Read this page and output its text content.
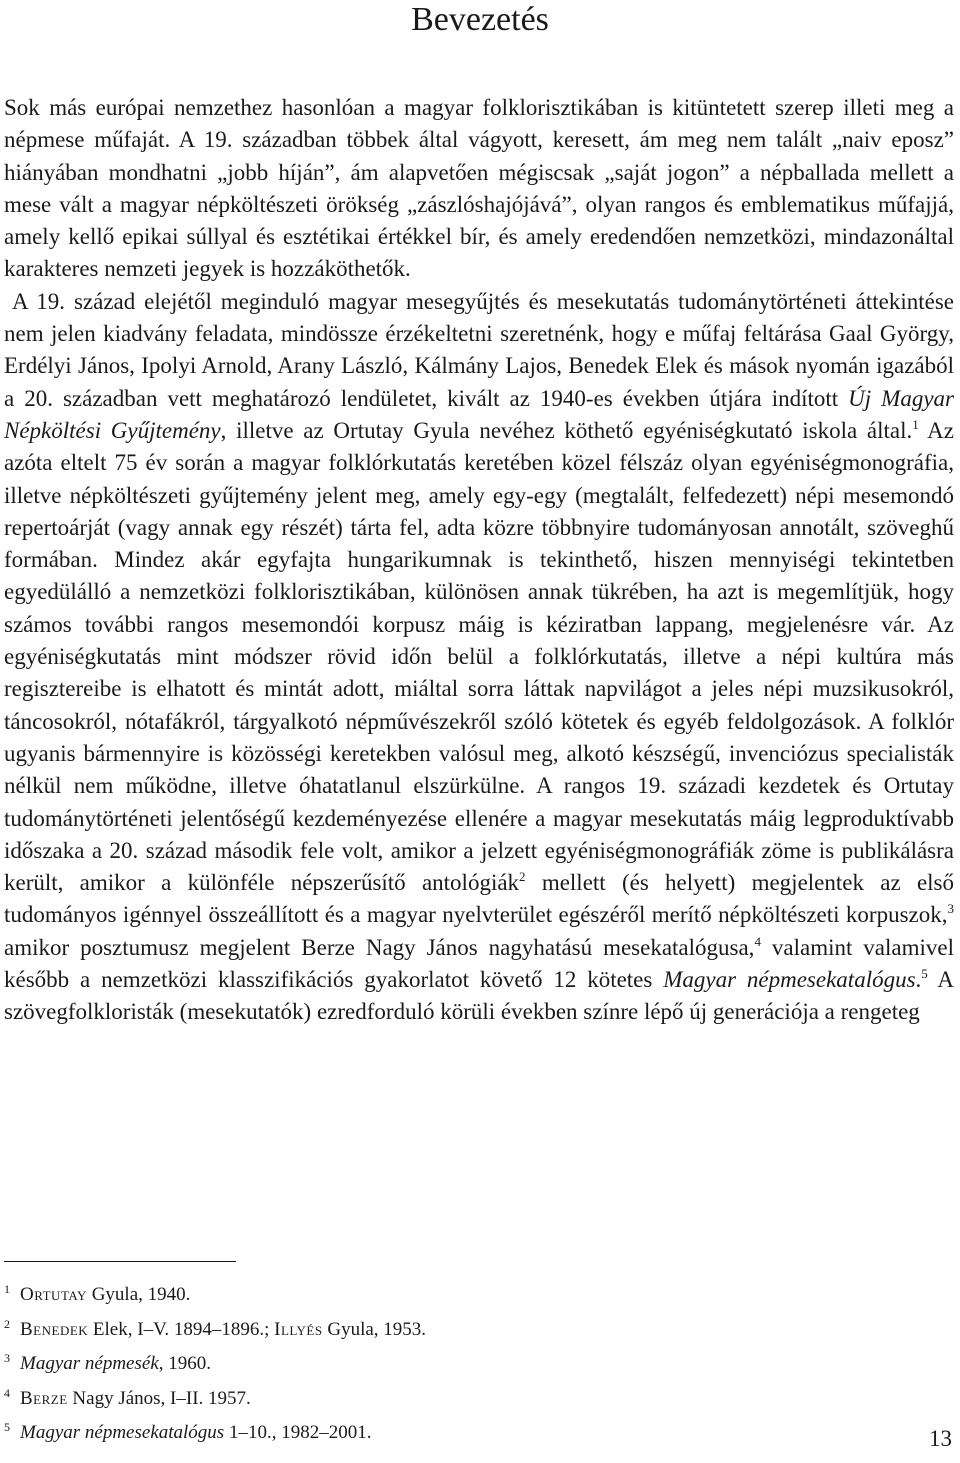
Bevezetés

Sok más európai nemzethez hasonlóan a magyar folklorisztikában is kitüntetett szerep illeti meg a népmese műfaját. A 19. században többek által vágyott, keresett, ám meg nem talált „naiv eposz” hiányában mondhatni „jobb híján”, ám alapvetően mégiscsak „saját jogon” a népballada mellett a mese vált a magyar népköltészeti örökség „zászlóshajójává”, olyan rangos és emblematikus műfajjá, amely kellő epikai súllyal és esztétikai értékkel bír, és amely eredendően nemzetközi, mindazonáltal karakteres nemzeti jegyek is hozzáköthetők.

A 19. század elejétől meginduló magyar mesegyűjtés és mesekutatás tudománytörténeti áttekintése nem jelen kiadvány feladata, mindössze érzékeltetni szeretnénk, hogy e műfaj feltárása Gaal György, Erdélyi János, Ipolyi Arnold, Arany László, Kálmány Lajos, Benedek Elek és mások nyomán igazából a 20. században vett meghatározó lendületet, kivált az 1940-es években útjára indított Új Magyar Népköltési Gyűjtemény, illetve az Ortutay Gyula nevéhez köthető egyéniségkutató iskola által.$^1$ Az azóta eltelt 75 év során a magyar folklórkutatás keretében közel félszáz olyan egyéniségmonográfia, illetve népköltészeti gyűjtemény jelent meg, amely egy-egy (megtalált, felfedezett) népi mesemondó repertoárját (vagy annak egy részét) tárta fel, adta közre többnyire tudományosan annotált, szöveghű formában. Mindez akár egyfajta hungarikumnak is tekinthető, hiszen mennyiségi tekintetben egyedülálló a nemzetközi folklorisztikában, különösen annak tükrében, ha azt is megemlítjük, hogy számos további rangos mesemondói korpusz máig is kéziratban lappang, megjelenésre vár. Az egyéniségkutatás mint módszer rövid időn belül a folklórkutatás, illetve a népi kultúra más regisztereibe is elhatott és mintát adott, miáltal sorra láttak napvilágot a jeles népi muzsikusokról, táncosokról, nótafákról, tárgyalkotó népművészekről szóló kötetek és egyéb feldolgozások. A folklór ugyanis bármennyire is közösségi keretekben valósul meg, alkotó készségű, invenciózus specialisták nélkül nem működne, illetve óhatatlanul elszürkülne. A rangos 19. századi kezdetek és Ortutay tudománytörténeti jelentőségű kezdeményezése ellenére a magyar mesekutatás máig legproduktívabb időszaka a 20. század második fele volt, amikor a jelzett egyéniségmonográfiák zöme is publikálásra került, amikor a különféle népszerűsítő antológiák$^2$ mellett (és helyett) megjelentek az első tudományos igénnyel összeállított és a magyar nyelvterület egészéről merítő népköltészeti korpuszok,$^3$ amikor posztumusz megjelent Berze Nagy János nagyhatású mesekatalógusa,$^4$ valamint valamivel később a nemzetközi klasszifikációs gyakorlatot követő 12 kötetes Magyar népmesekatalógus.$^5$ A szövegfolkloristák (mesekutatók) ezredforduló körüli években színre lépő új generációja a rengeteg

$^1$ Ortutay Gyula, 1940.
$^2$ Benedek Elek, I–V. 1894–1896.; Illyés Gyula, 1953.
$^3$ Magyar népmesék, 1960.
$^4$ Berze Nagy János, I–II. 1957.
$^5$ Magyar népmesekatalógus 1–10., 1982–2001.	13
